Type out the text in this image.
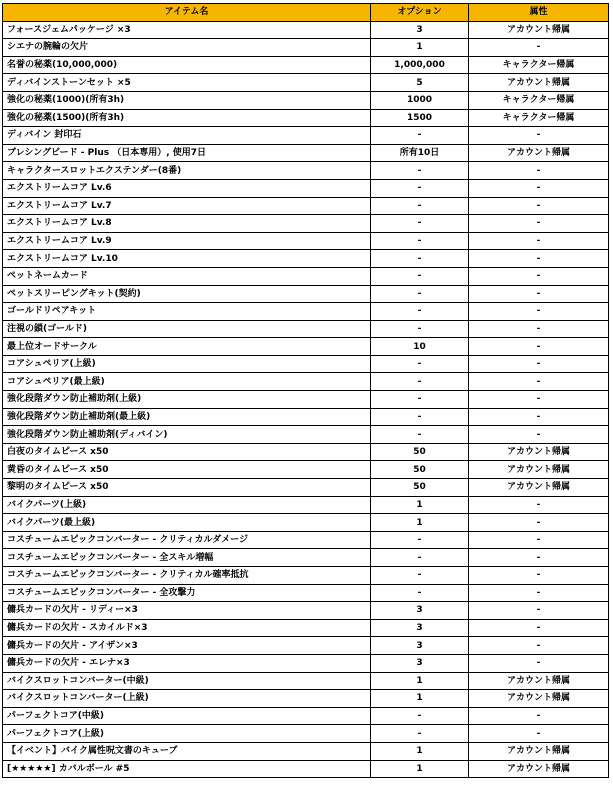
アイテム名	オプション	属性
フォースジェムパッケージ ×3	3	アカウント帰属
シエナの腕輪の欠片	1	-
名誉の秘薬(10,000,000)	1,000,000	キャラクター帰属
ディバインストーンセット ×5	5	アカウント帰属
強化の秘薬(1000)(所有3h)	1000	キャラクター帰属
強化の秘薬(1500)(所有3h)	1500	キャラクター帰属
ディバイン 封印石	-	-
ブレシングビード - Plus （日本専用）, 使用7日	所有10日	アカウント帰属
キャラクタースロットエクステンダー(8番)	-	-
エクストリームコア Lv.6	-	-
エクストリームコア Lv.7	-	-
エクストリームコア Lv.8	-	-
エクストリームコア Lv.9	-	-
エクストリームコア Lv.10	-	-
ペットネームカード	-	-
ペットスリーピングキット(契約)	-	-
ゴールドリペアキット	-	-
注視の鎖(ゴールド)	-	-
最上位オードサークル	10	-
コアシュペリア(上級)	-	-
コアシュペリア(最上級)	-	-
強化段階ダウン防止補助剤(上級)	-	-
強化段階ダウン防止補助剤(最上級)	-	-
強化段階ダウン防止補助剤(ディバイン)	-	-
白夜のタイムピース x50	50	アカウント帰属
黄昏のタイムピース x50	50	アカウント帰属
黎明のタイムピース x50	50	アカウント帰属
バイクパーツ(上級)	1	-
バイクパーツ(最上級)	1	-
コスチュームエピックコンバーター - クリティカルダメージ	-	-
コスチュームエピックコンバーター - 全スキル増幅	-	-
コスチュームエピックコンバーター - クリティカル確率抵抗	-	-
コスチュームエピックコンバーター - 全攻撃力	-	-
傭兵カードの欠片 - リディー×3	3	-
傭兵カードの欠片 - スカイルド×3	3	-
傭兵カードの欠片 - アイザン×3	3	-
傭兵カードの欠片 - エレナ×3	3	-
バイクスロットコンバーター(中級)	1	アカウント帰属
バイクスロットコンバーター(上級)	1	アカウント帰属
パーフェクトコア(中級)	-	-
パーフェクトコア(上級)	-	-
【イベント】バイク属性呪文書のキューブ	1	アカウント帰属
[★★★★★] カバルボール #5	1	アカウント帰属
